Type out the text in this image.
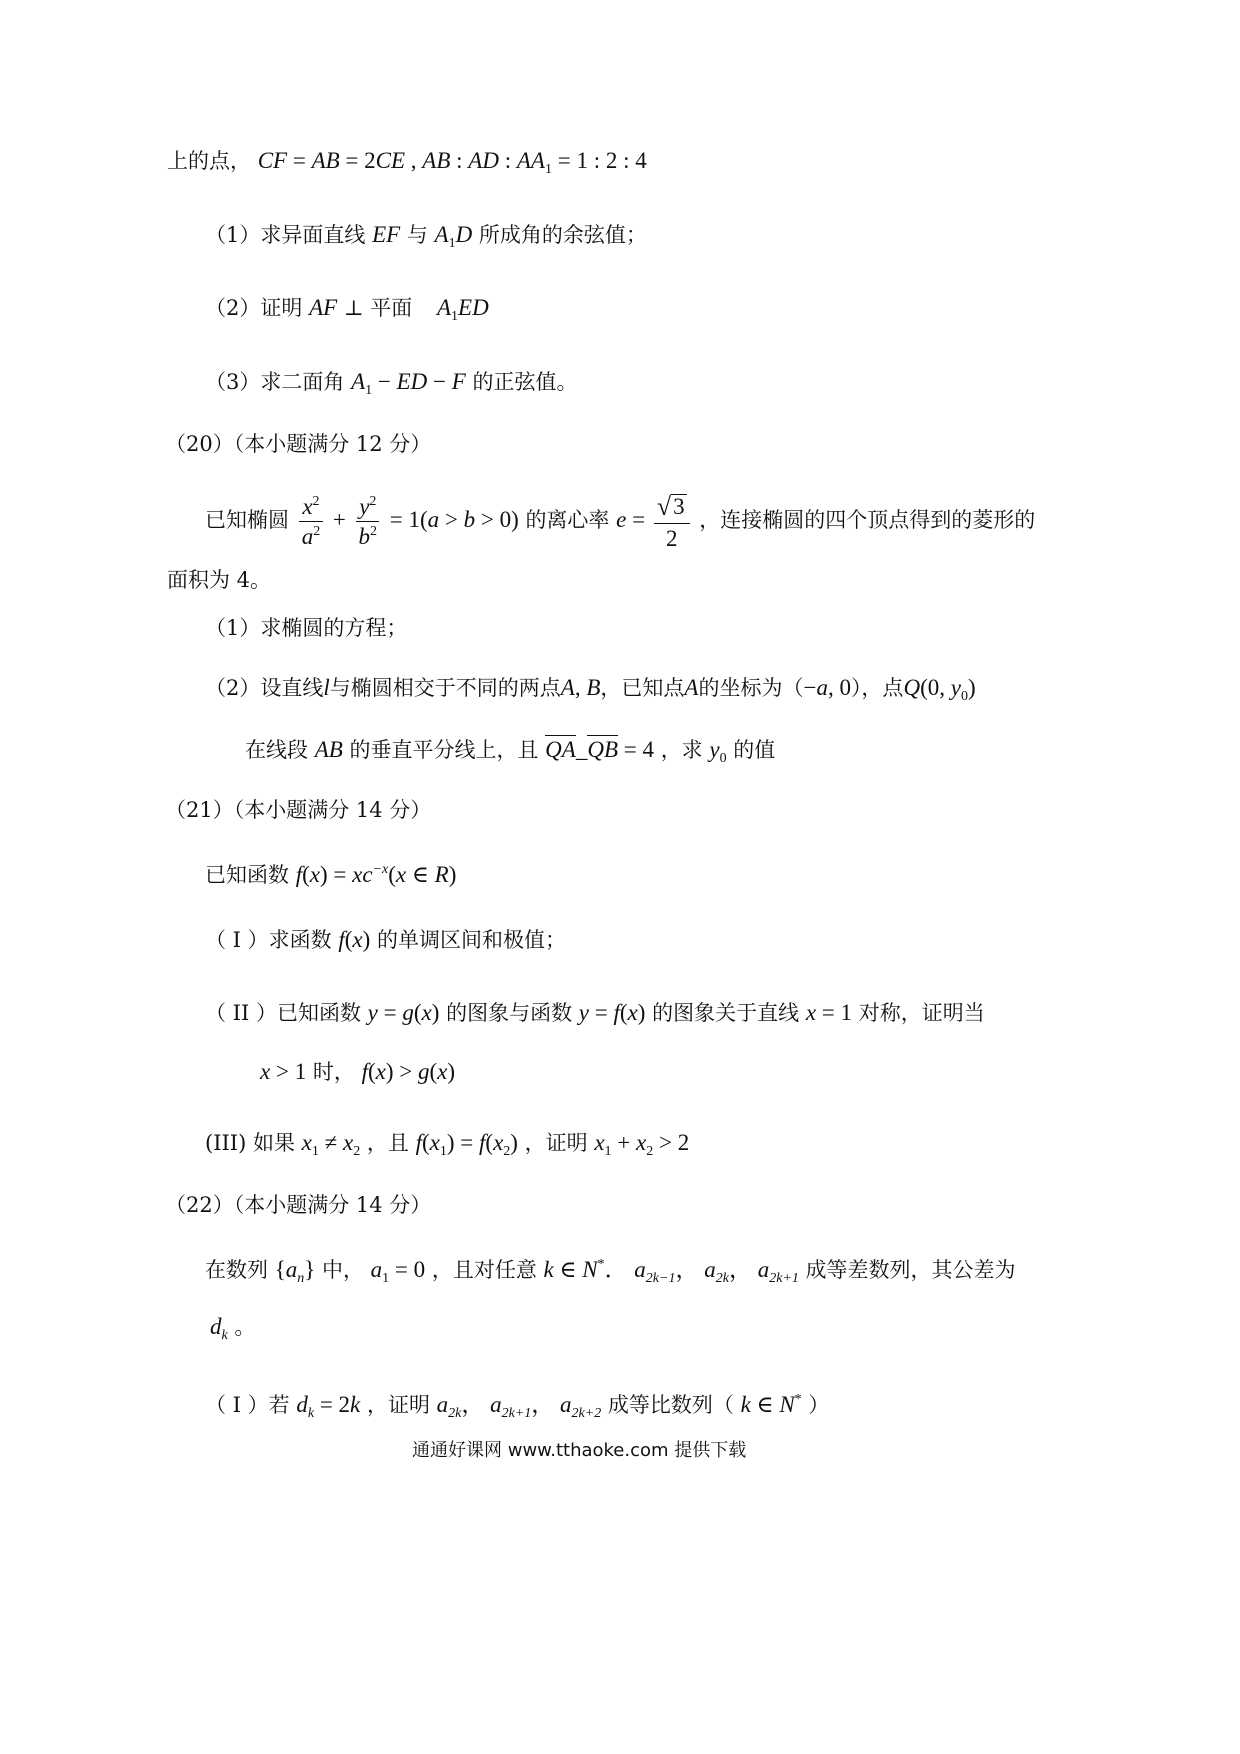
上的点， CF = AB = 2CE , AB : AD : $AA_1 = 1$ : 2 : 4
（1）求异面直线 EF 与 $A_1D$ 所成角的余弦值；
（2）证明 AF ⊥ 平面 $A_1ED$
（3）求二面角 $A_1$ − ED − F 的正弦值。
（20）（本小题满分 12 分）
已知椭圆 $\frac{x^2}{a^2} + \frac{y^2}{b^2} = 1(a > b > 0)$ 的离心率 $e = \frac{√ 3}{2}$ ，连接椭圆的四个顶点得到的菱形的
面积为 4。
（1）求椭圆的方程；
（2）设直线l与椭圆相交于不同的两点A, B，已知点A的坐标为（−a, 0），点Q(0, $y_0$)
在线段 AB 的垂直平分线上，且 QA_QB = 4 ，求 $y_0$ 的值
（21）（本小题满分 14 分）
已知函数 $f(x) = xc^{-x}(x$ ∈ R)
（ I ）求函数 f(x) 的单调区间和极值；
（ II ）已知函数 y = g(x) 的图象与函数 y = f(x) 的图象关于直线 x = 1 对称，证明当
x > 1 时， f(x) > g(x)
(III) 如果 $x_1 \ne x_2$ ，且 $f(x_1) = f(x_2)$ ，证明 $x_1 + x_2 > 2$
（22）（本小题满分 14 分）
在数列 $\{a_n\}$ 中， $a_1 = 0$ ，且对任意 k ∈ N*． $a_{2k-1}$， $a_{2k}$， $a_{2k+1}$ 成等差数列，其公差为
$d_k$ 。
（ I ）若 $d_k = 2k$ ，证明 $a_{2k}$， $a_{2k+1}$， $a_{2k+2}$ 成等比数列（ k ∈ N* ）
通通好课网 www.tthaoke.com 提供下载
